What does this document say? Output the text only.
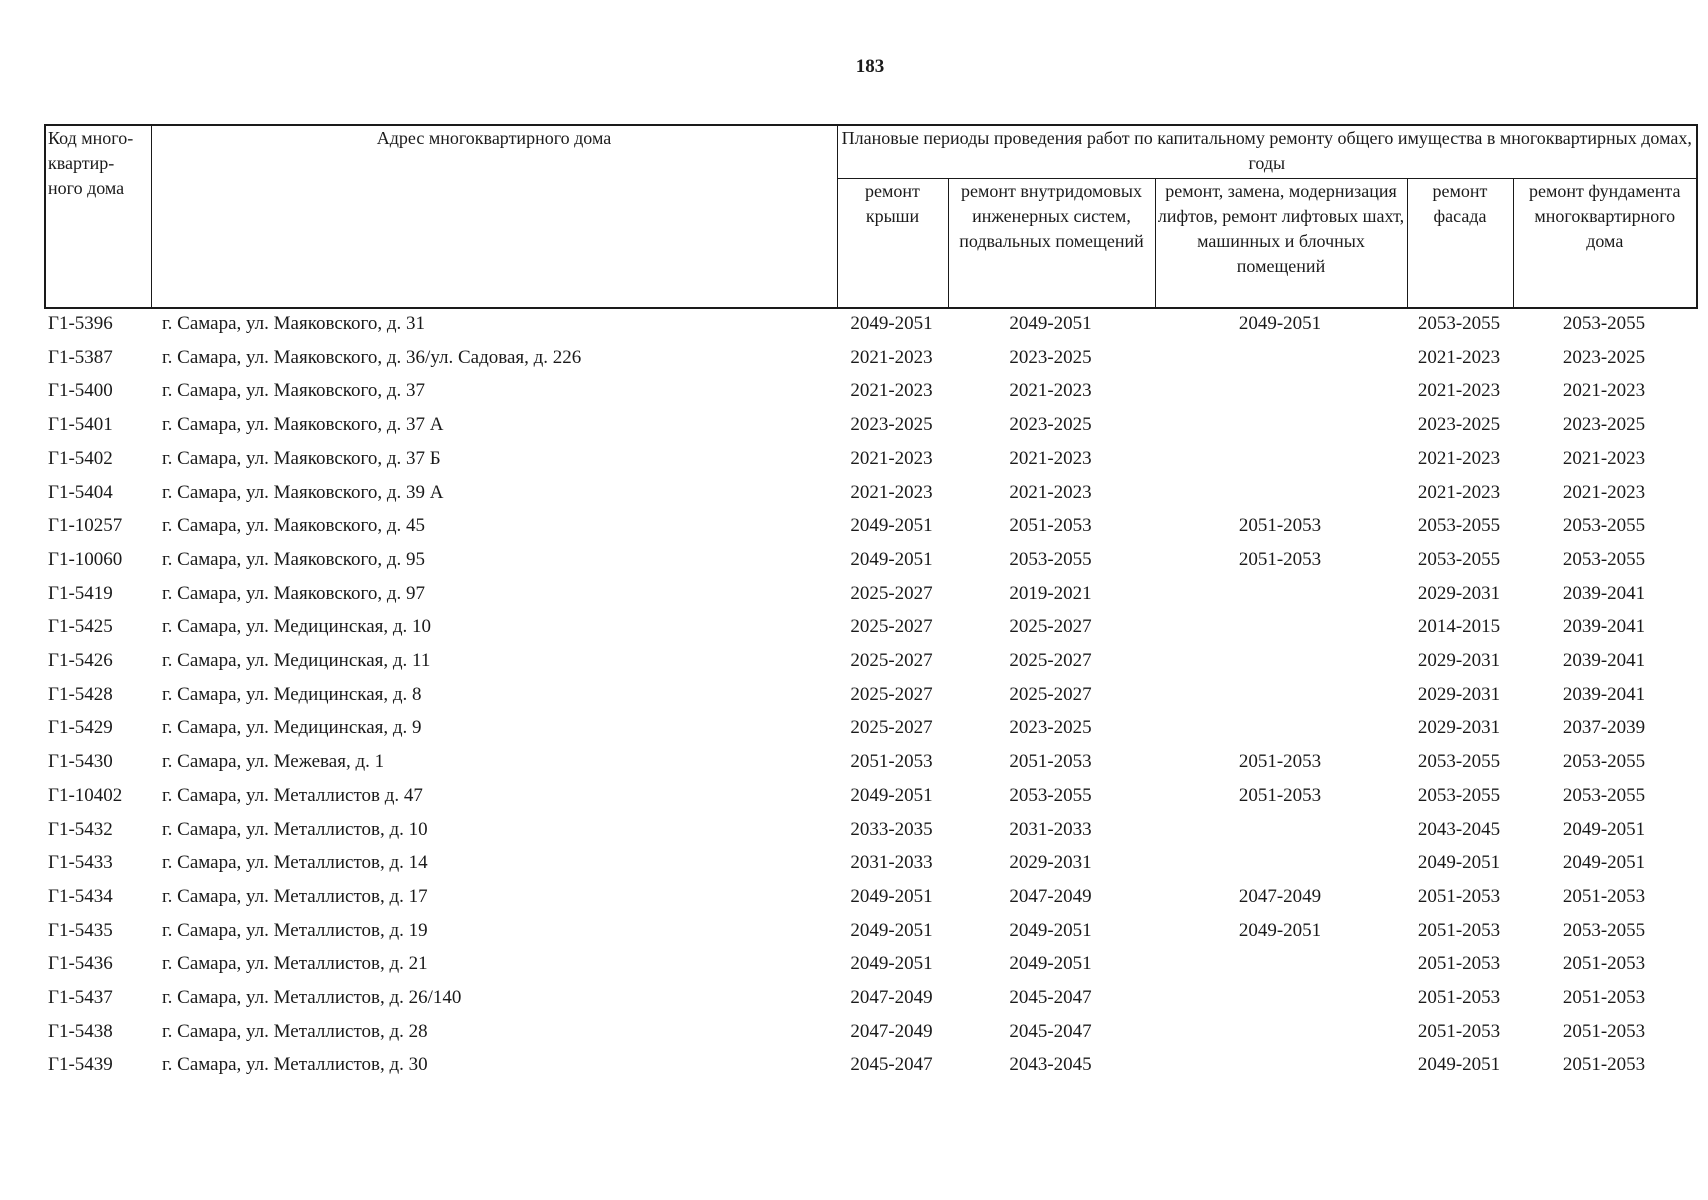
183
Код много-квартир-ного дома	Адрес многоквартирного дома	Плановые периоды проведения работ по капитальному ремонту общего имущества в многоквартирных домах, годы				
		ремонт крыши	ремонт внутридомовых инженерных систем, подвальных помещений	ремонт, замена, модернизация лифтов, ремонт лифтовых шахт, машинных и блочных помещений	ремонт фасада	ремонт фундамента многоквартирного дома
Г1-5396	г. Самара, ул. Маяковского, д. 31	2049-2051	2049-2051	2049-2051	2053-2055	2053-2055
Г1-5387	г. Самара, ул. Маяковского, д. 36/ул. Садовая, д. 226	2021-2023	2023-2025		2021-2023	2023-2025
Г1-5400	г. Самара, ул. Маяковского, д. 37	2021-2023	2021-2023		2021-2023	2021-2023
Г1-5401	г. Самара, ул. Маяковского, д. 37 А	2023-2025	2023-2025		2023-2025	2023-2025
Г1-5402	г. Самара, ул. Маяковского, д. 37 Б	2021-2023	2021-2023		2021-2023	2021-2023
Г1-5404	г. Самара, ул. Маяковского, д. 39 А	2021-2023	2021-2023		2021-2023	2021-2023
Г1-10257	г. Самара, ул. Маяковского, д. 45	2049-2051	2051-2053	2051-2053	2053-2055	2053-2055
Г1-10060	г. Самара, ул. Маяковского, д. 95	2049-2051	2053-2055	2051-2053	2053-2055	2053-2055
Г1-5419	г. Самара, ул. Маяковского, д. 97	2025-2027	2019-2021		2029-2031	2039-2041
Г1-5425	г. Самара, ул. Медицинская, д. 10	2025-2027	2025-2027		2014-2015	2039-2041
Г1-5426	г. Самара, ул. Медицинская, д. 11	2025-2027	2025-2027		2029-2031	2039-2041
Г1-5428	г. Самара, ул. Медицинская, д. 8	2025-2027	2025-2027		2029-2031	2039-2041
Г1-5429	г. Самара, ул. Медицинская, д. 9	2025-2027	2023-2025		2029-2031	2037-2039
Г1-5430	г. Самара, ул. Межевая, д. 1	2051-2053	2051-2053	2051-2053	2053-2055	2053-2055
Г1-10402	г. Самара, ул. Металлистов д. 47	2049-2051	2053-2055	2051-2053	2053-2055	2053-2055
Г1-5432	г. Самара, ул. Металлистов, д. 10	2033-2035	2031-2033		2043-2045	2049-2051
Г1-5433	г. Самара, ул. Металлистов, д. 14	2031-2033	2029-2031		2049-2051	2049-2051
Г1-5434	г. Самара, ул. Металлистов, д. 17	2049-2051	2047-2049	2047-2049	2051-2053	2051-2053
Г1-5435	г. Самара, ул. Металлистов, д. 19	2049-2051	2049-2051	2049-2051	2051-2053	2053-2055
Г1-5436	г. Самара, ул. Металлистов, д. 21	2049-2051	2049-2051		2051-2053	2051-2053
Г1-5437	г. Самара, ул. Металлистов, д. 26/140	2047-2049	2045-2047		2051-2053	2051-2053
Г1-5438	г. Самара, ул. Металлистов, д. 28	2047-2049	2045-2047		2051-2053	2051-2053
Г1-5439	г. Самара, ул. Металлистов, д. 30	2045-2047	2043-2045		2049-2051	2051-2053
